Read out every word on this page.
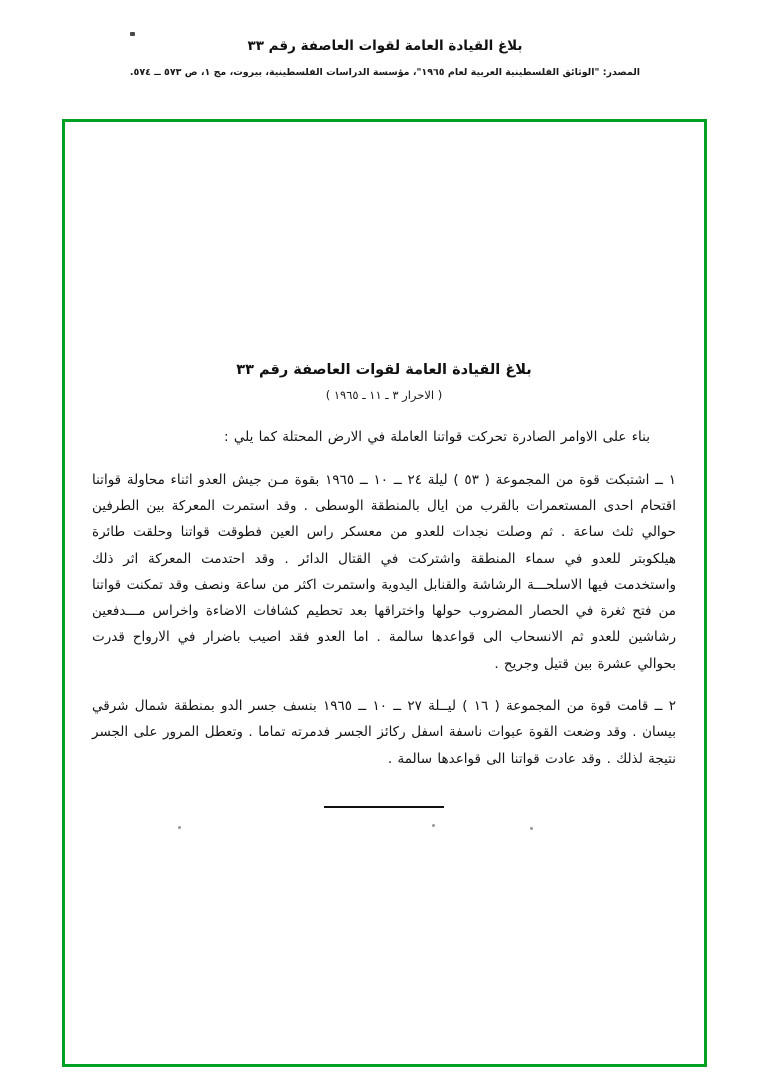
بلاغ القيادة العامة لقوات العاصفة رقم ٣٣
المصدر: "الوثائق الفلسطينية العربية لعام ١٩٦٥"، مؤسسة الدراسات الفلسطينية، بيروت، مج ١، ص ٥٧٣ ــ ٥٧٤.
بلاغ القيادة العامة لقوات العاصفة رقم ٣٣
( الاحرار ٣ ـ ١١ ـ ١٩٦٥ )
بناء على الاوامر الصادرة تحركت قواتنا العاملة في الارض المحتلة كما يلي :
١ ــ اشتبكت قوة من المجموعة ( ٥٣ ) ليلة ٢٤ ــ ١٠ ــ ١٩٦٥ بقوة مـن جيش العدو اثناء محاولة قواتنا اقتحام احدى المستعمرات بالقرب من ايال بالمنطقة الوسطى . وقد استمرت المعركة بين الطرفين حوالي ثلث ساعة . ثم وصلت نجدات للعدو من معسكر راس العين فطوقت قواتنا وحلقت طائرة هيلكوبتر للعدو في سماء المنطقة واشتركت في القتال الدائر . وقد احتدمت المعركة اثر ذلك واستخدمت فيها الاسلحـــة الرشاشة والقنابل اليدوية واستمرت اكثر من ساعة ونصف وقد تمكنت قواتنا من فتح ثغرة في الحصار المضروب حولها واختراقها بعد تحطيم كشافات الاضاءة واخراس مـــدفعين رشاشين للعدو ثم الانسحاب الى قواعدها سالمة . اما العدو فقد اصيب باضرار في الارواح قدرت بحوالي عشرة بين قتيل وجريح .
٢ ــ قامت قوة من المجموعة ( ١٦ ) ليــلة ٢٧ ــ ١٠ ــ ١٩٦٥ بنسف جسر الدو بمنطقة شمال شرقي بيسان . وقد وضعت القوة عبوات ناسفة اسفل ركائز الجسر فدمرته تماما . وتعطل المرور على الجسر نتيجة لذلك . وقد عادت قواتنا الى قواعدها سالمة .
